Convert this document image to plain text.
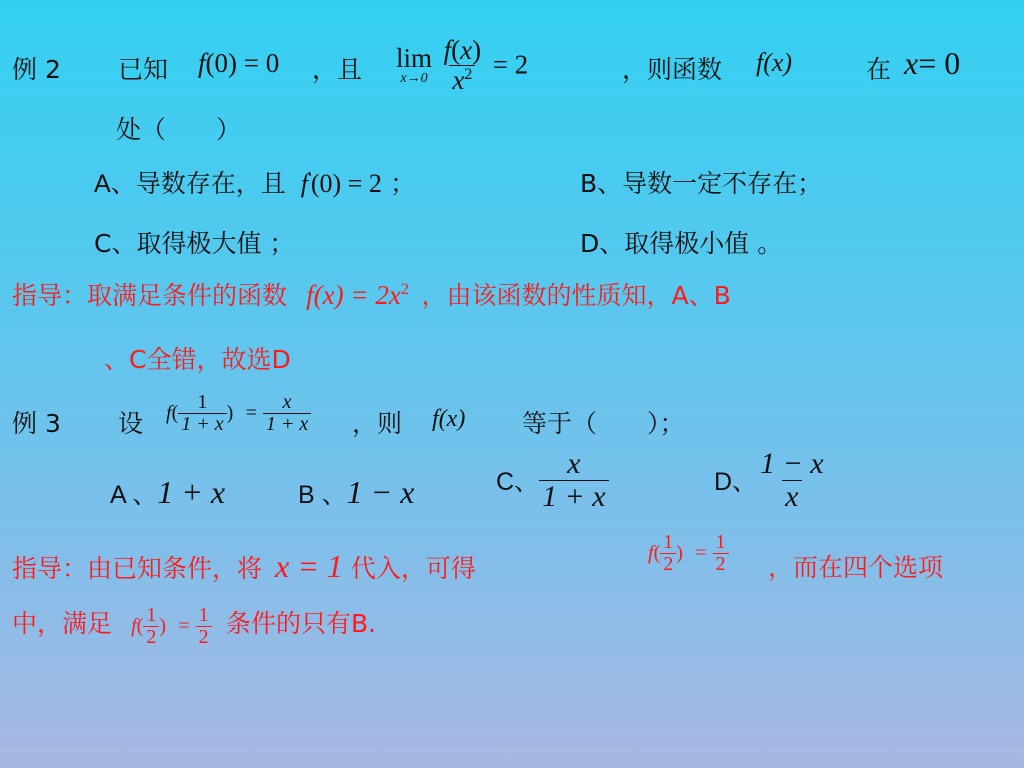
例 2 已知 f(0) = 0 ，且 lim
x→0
$\frac{f(x)}{x^2} = 2$	，则函数 f(x)	在 x= 0
处（　　）
A、导数存在，且 f'(0) = 2 ；	B、导数一定不存在；
C、取得极大值 ；	D、取得极小值 。
指导：取满足条件的函数 $f(x) = 2x^2$ ，由该函数的性质知，A、B
、C全错，故选D
例 3 设 $f( \frac{1}{1 + x}$ ) = $\frac{x}{1 + x}$ ，则 f(x) 等于（　　）；
A 、1 + x	B 、1 − x	C、 $\frac{x}{1 + x}$	D、 $\frac{1 - x}{x}$
指导：由已知条件，将 x = 1 代入，可得
$f( \frac{1}{2}$ ) = $\frac{1}{2}$ ，而在四个选项
中，满足 $f( \frac{1}{2}$ ) = $\frac{1}{2}$ 条件的只有B.
